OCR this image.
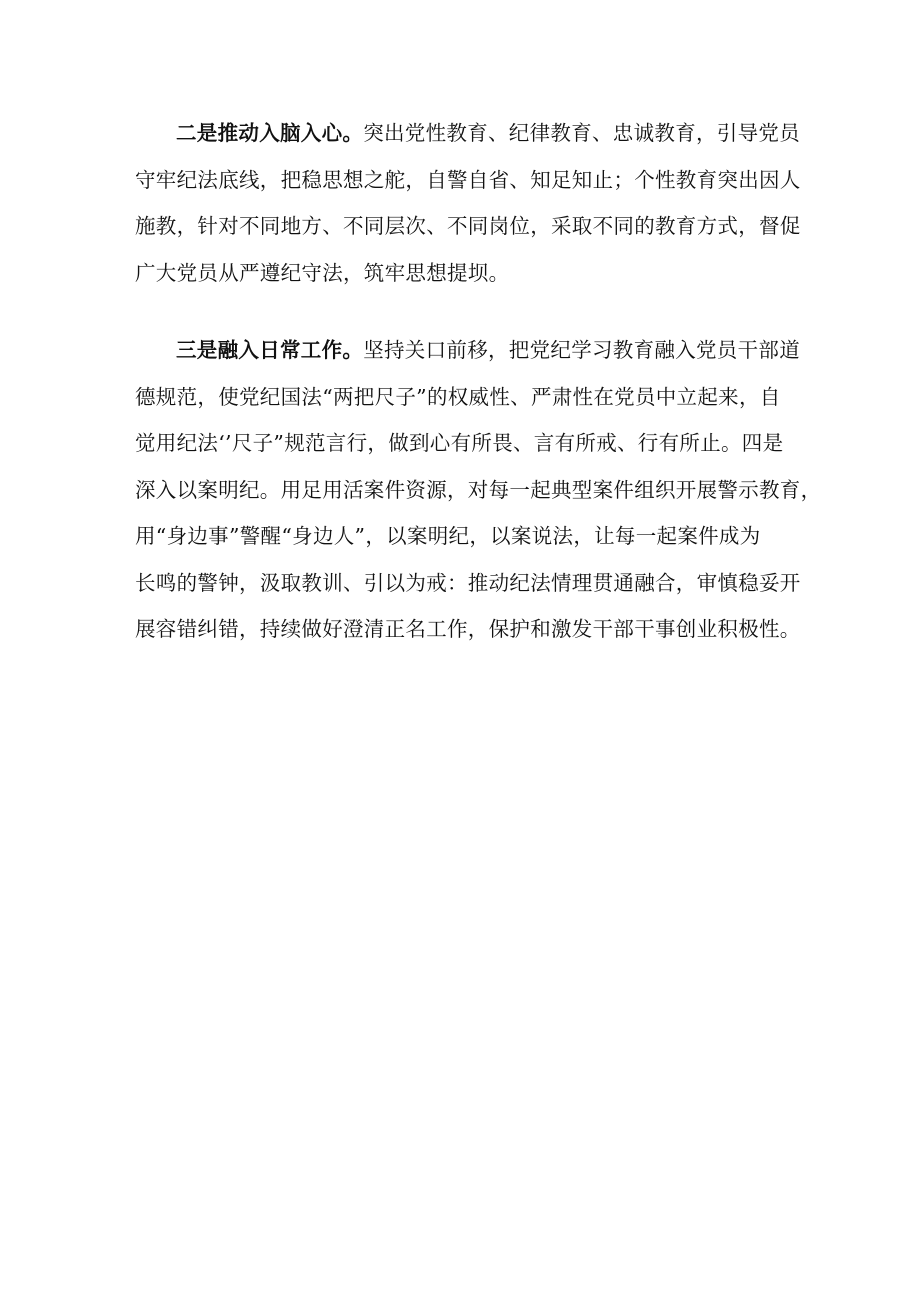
二是推动入脑入心。突出党性教育、纪律教育、忠诚教育，引导党员
守牢纪法底线，把稳思想之舵，自警自省、知足知止；个性教育突出因人
施教，针对不同地方、不同层次、不同岗位，采取不同的教育方式，督促
广大党员从严遵纪守法，筑牢思想提坝。

三是融入日常工作。坚持关口前移，把党纪学习教育融入党员干部道
德规范，使党纪国法“两把尺子”的权威性、严肃性在党员中立起来，自
觉用纪法‘’尺子”规范言行，做到心有所畏、言有所戒、行有所止。四是
深入以案明纪。用足用活案件资源，对每一起典型案件组织开展警示教育，
用“身边事”警醒“身边人”，以案明纪，以案说法，让每一起案件成为
长鸣的警钟，汲取教训、引以为戒：推动纪法情理贯通融合，审慎稳妥开
展容错纠错，持续做好澄清正名工作，保护和激发干部干事创业积极性。
